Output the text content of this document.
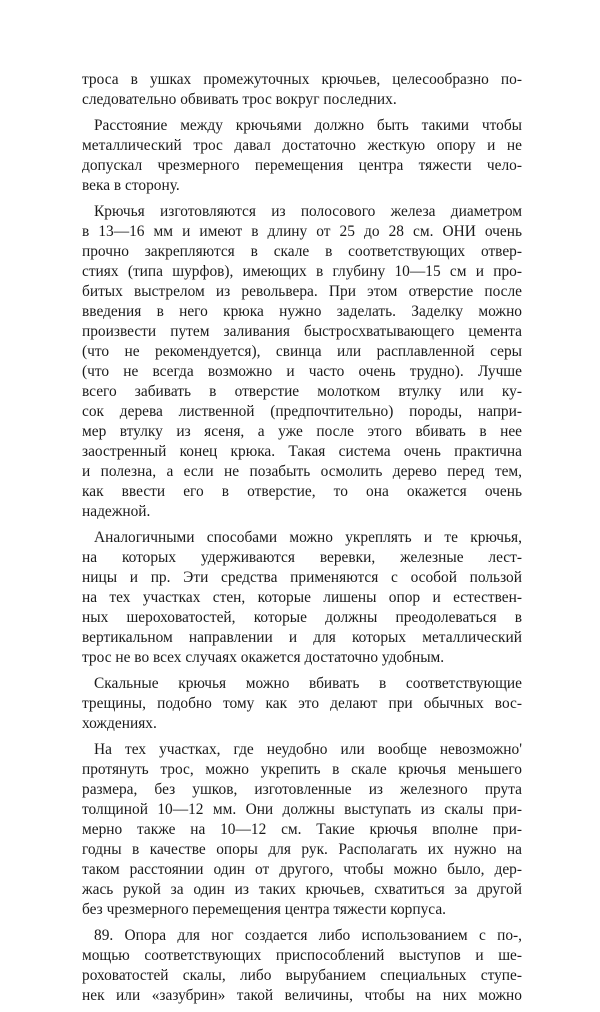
троса в ушках промежуточных крючьев, целесообразно по-
следовательно обвивать трос вокруг последних.

Расстояние между крючьями должно быть такими чтобы
металлический трос давал достаточно жесткую опору и не
допускал чрезмерного перемещения центра тяжести чело-
века в сторону.

Крючья изготовляются из полосового железа диаметром
в 13—16 мм и имеют в длину от 25 до 28 см. ОНИ очень
прочно закрепляются в скале в соответствующих отвер-
стиях (типа шурфов), имеющих в глубину 10—15 см и про-
битых выстрелом из револьвера. При этом отверстие после
введения в него крюка нужно заделать. Заделку можно
произвести путем заливания быстросхватывающего цемента
(что не рекомендуется), свинца или расплавленной серы
(что не всегда возможно и часто очень трудно). Лучше
всего забивать в отверстие молотком втулку или ку-
сок дерева лиственной (предпочтительно) породы, напри-
мер втулку из ясеня, а уже после этого вбивать в нее
заостренный конец крюка. Такая система очень практична
и полезна, а если не позабыть осмолить дерево перед тем,
как ввести его в отверстие, то она окажется очень
надежной.

Аналогичными способами можно укреплять и те крючья,
на которых удерживаются веревки, железные лест-
ницы и пр. Эти средства применяются с особой пользой
на тех участках стен, которые лишены опор и естествен-
ных шероховатостей, которые должны преодолеваться в
вертикальном направлении и для которых металлический
трос не во всех случаях окажется достаточно удобным.

Скальные крючья можно вбивать в соответствующие
трещины, подобно тому как это делают при обычных вос-
хождениях.

На тех участках, где неудобно или вообще невозможно'
протянуть трос, можно укрепить в скале крючья меньшего
размера, без ушков, изготовленные из железного прута
толщиной 10—12 мм. Они должны выступать из скалы при-
мерно также на 10—12 см. Такие крючья вполне при-
годны в качестве опоры для рук. Располагать их нужно на
таком расстоянии один от другого, чтобы можно было, дер-
жась рукой за один из таких крючьев, схватиться за другой
без чрезмерного перемещения центра тяжести корпуса.

89. Опора для ног создается либо использованием с по-,
мощью соответствующих приспособлений выступов и ше-
роховатостей скалы, либо вырубанием специальных ступе-
нек или «зазубрин» такой величины, чтобы на них можно
